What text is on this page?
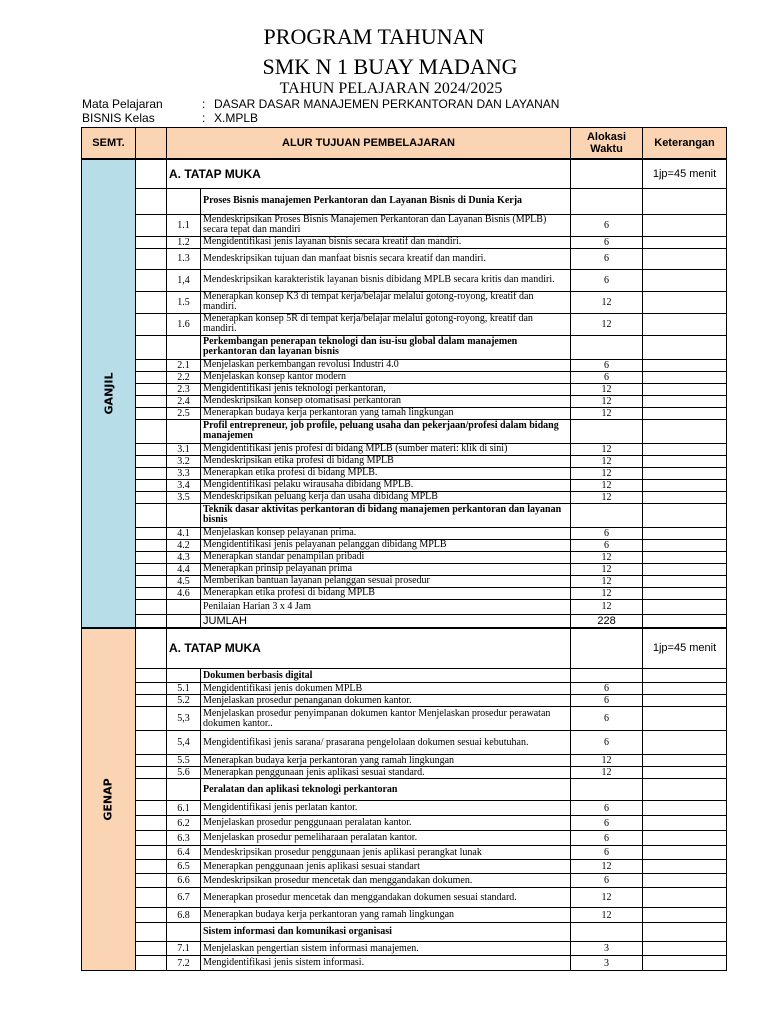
PROGRAM TAHUNAN
SMK N 1 BUAY MADANG
TAHUN PELAJARAN 2024/2025
Mata Pelajaran	: DASAR DASAR MANAJEMEN PERKANTORAN DAN LAYANAN
BISNIS Kelas	: X.MPLB
SEMT.		ALUR TUJUAN PEMBELAJARAN		Alokasi Waktu	Keterangan
GANJIL		A. TATAP MUKA			1jp=45 menit
			Proses Bisnis manajemen Perkantoran dan Layanan Bisnis di Dunia Kerja		
		1.1	Mendeskripsikan Proses Bisnis Manajemen Perkantoran dan Layanan Bisnis (MPLB) secara tepat dan mandiri	6	
		1.2	Mengidentifikasi jenis layanan bisnis secara kreatif dan mandiri.	6	
		1.3	Mendeskripsikan tujuan dan manfaat bisnis secara kreatif dan mandiri.	6	
		1,4	Mendeskripsikan karakteristik layanan bisnis dibidang MPLB secara kritis dan mandiri.	6	
		1.5	Menerapkan konsep K3 di tempat kerja/belajar melalui gotong-royong, kreatif dan mandiri.	12	
		1.6	Menerapkan konsep 5R di tempat kerja/belajar melalui gotong-royong, kreatif dan mandiri.	12	
			Perkembangan penerapan teknologi dan isu-isu global dalam manajemen perkantoran dan layanan bisnis		
		2.1	Menjelaskan perkembangan revolusi Industri 4.0	6	
		2.2	Menjelaskan konsep kantor modern	6	
		2.3	Mengidentifikasi jenis teknologi perkantoran,	12	
		2.4	Mendeskripsikan konsep otomatisasi perkantoran	12	
		2.5	Menerapkan budaya kerja perkantoran yang tamah lingkungan	12	
			Profil entrepreneur, job profile, peluang usaha dan pekerjaan/profesi dalam bidang manajemen		
		3.1	Mengidentifikasi jenis profesi di bidang MPLB (sumber materi: klik di sini)	12	
		3.2	Mendeskripsikan etika profesi di bidang MPLB	12	
		3.3	Menerapkan etika profesi di bidang MPLB.	12	
		3.4	Mengidentifikasi pelaku wirausaha dibidang MPLB.	12	
		3.5	Mendeskripsikan peluang kerja dan usaha dibidang MPLB	12	
			Teknik dasar aktivitas perkantoran di bidang manajemen perkantoran dan layanan bisnis		
		4.1	Menjelaskan konsep pelayanan prima.	6	
		4.2	Mengidentifikasi jenis pelayanan pelanggan dibidang MPLB	6	
		4.3	Menerapkan standar penampilan pribadi	12	
		4.4	Menerapkan prinsip pelayanan prima	12	
		4.5	Memberikan bantuan layanan pelanggan sesuai prosedur	12	
		4.6	Menerapkan etika profesi di bidang MPLB	12	
			Penilaian Harian 3 x 4 Jam	12	
			JUMLAH	228	
GENAP		A. TATAP MUKA			1jp=45 menit
			Dokumen berbasis digital		
		5.1	Mengidentifikasi jenis dokumen MPLB	6	
		5.2	Menjelaskan prosedur penanganan dokumen kantor.	6	
		5,3	Menjelaskan prosedur penyimpanan dokumen kantor Menjelaskan prosedur perawatan dokumen kantor..	6	
		5,4	Mengidentifikasi jenis sarana/ prasarana pengelolaan dokumen sesuai kebutuhan.	6	
		5.5	Menerapkan budaya kerja perkantoran yang ramah lingkungan	12	
		5.6	Menerapkan penggunaan jenis aplikasi sesuai standard.	12	
			Peralatan dan aplikasi teknologi perkantoran		
		6.1	Mengidentifikasi jenis perlatan kantor.	6	
		6.2	Menjelaskan prosedur penggunaan peralatan kantor.	6	
		6.3	Menjelaskan prosedur pemeliharaan peralatan kantor.	6	
		6.4	Mendeskripsikan prosedur penggunaan jenis aplikasi perangkat lunak	6	
		6.5	Menerapkan penggunaan jenis aplikasi sesuai standart	12	
		6.6	Mendeskripsikan prosedur mencetak dan menggandakan dokumen.	6	
		6.7	Menerapkan prosedur mencetak dan menggandakan dokumen sesuai standard.	12	
		6.8	Menerapkan budaya kerja perkantoran yang ramah lingkungan	12	
			Sistem informasi dan komunikasi organisasi		
		7.1	Menjelaskan pengertian sistem informasi manajemen.	3	
		7.2	Mengidentifikasi jenis sistem informasi.	3	
